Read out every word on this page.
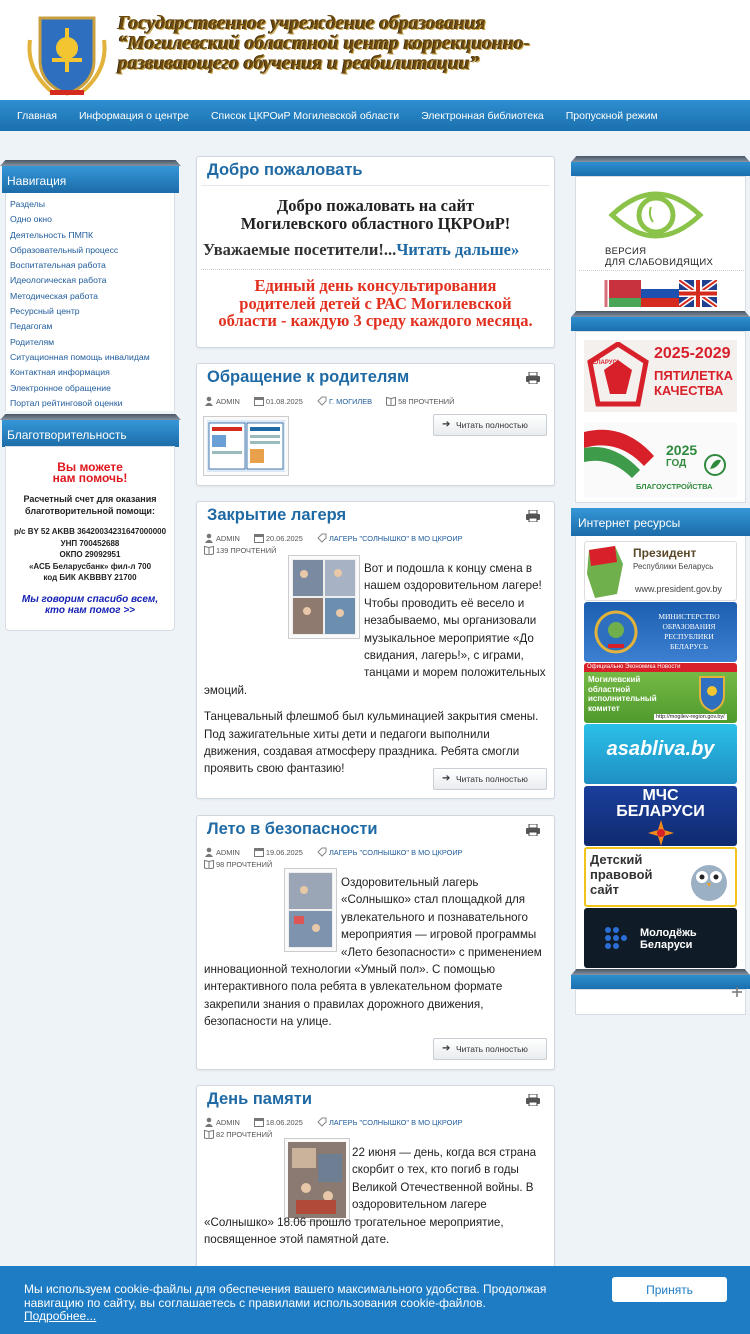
Государственное учреждение образования
“Могилевский областной центр коррекционно-
развивающего обучения и реабилитации”
Главная	Информация о центре	Список ЦКРОиР Могилевской области	Электронная библиотека	Пропускной режим
Навигация
Разделы
Одно окно
Деятельность ПМПК
Образовательный процесс
Воспитательная работа
Идеологическая работа
Методическая работа
Ресурсный центр
Педагогам
Родителям
Ситуационная помощь инвалидам
Контактная информация
Электронное обращение
Портал рейтинговой оценки
Благотворительность
Вы можете
нам помочь!
Расчетный счет для оказания
благотворительной помощи:
р/с BY 52 AKBB 36420034231647000000
УНП 700452688
ОКПО 29092951
«АСБ Беларусбанк» фил-л 700
код БИК AKBBBY 21700
Мы говорим спасибо всем,
кто нам помог >>
Добро пожаловать
Добро пожаловать на сайт
Могилевского областного ЦКРОиР!
Уважаемые посетители!...Читать дальше»
Единый день консультирования
родителей детей с РАС Могилевской
области - каждую 3 среду каждого месяца.
Обращение к родителям
ADMIN	01.08.2025	Г. МОГИЛЕВ	58 ПРОЧТЕНИЙ
➔ Читать полностью
Закрытие лагеря
ADMIN	20.06.2025	ЛАГЕРЬ "СОЛНЫШКО" В МО ЦКРОИР
139 ПРОЧТЕНИЙ

Вот и подошла к концу смена в нашем оздоровительном лагере! Чтобы проводить её весело и незабываемо, мы организовали музыкальное мероприятие «До свидания, лагерь!», с играми, танцами и морем положительных эмоций.

Танцевальный флешмоб был кульминацией закрытия смены. Под зажигательные хиты дети и педагоги выполнили движения, создавая атмосферу праздника. Ребята смогли проявить свою фантазию!

➔ Читать полностью
Лето в безопасности
ADMIN	19.06.2025	ЛАГЕРЬ "СОЛНЫШКО" В МО ЦКРОИР
98 ПРОЧТЕНИЙ

Оздоровительный лагерь «Солнышко» стал площадкой для увлекательного и познавательного мероприятия — игровой программы «Лето безопасности» с применением инновационной технологии «Умный пол». С помощью интерактивного пола ребята в увлекательном формате закрепили знания о правилах дорожного движения, безопасности на улице.

➔ Читать полностью
День памяти
ADMIN	18.06.2025	ЛАГЕРЬ "СОЛНЫШКО" В МО ЦКРОИР
82 ПРОЧТЕНИЙ

22 июня — день, когда вся страна скорбит о тех, кто погиб в годы Великой Отечественной войны. В оздоровительном лагере «Солнышко» 18.06 прошло трогательное мероприятие, посвященное этой памятной дате.

ВЕРСИЯ
ДЛЯ СЛАБОВИДЯЩИХ
БЕЛАРУСЬ
2025-2029
ПЯТИЛЕТКА
КАЧЕСТВА
2025
ГОД
БЛАГОУСТРОЙСТВА
Интернет ресурсы
Президент
Республики Беларусь
www.president.gov.by
МИНИСТЕРСТВО
ОБРАЗОВАНИЯ
РЕСПУБЛИКИ
БЕЛАРУСЬ
Официально Экономика Новости
Могилевский
областной
исполнительный
комитет
http://mogilev-region.gov.by/
asabliva.by
МЧС
БЕЛАРУСИ
Детский
правовой
сайт
Молодёжь
Беларуси
Мы используем cookie-файлы для обеспечения вашего максимального удобства. Продолжая навигацию по сайту, вы соглашаетесь с правилами использования cookie-файлов.
Подробнее...
Принять
